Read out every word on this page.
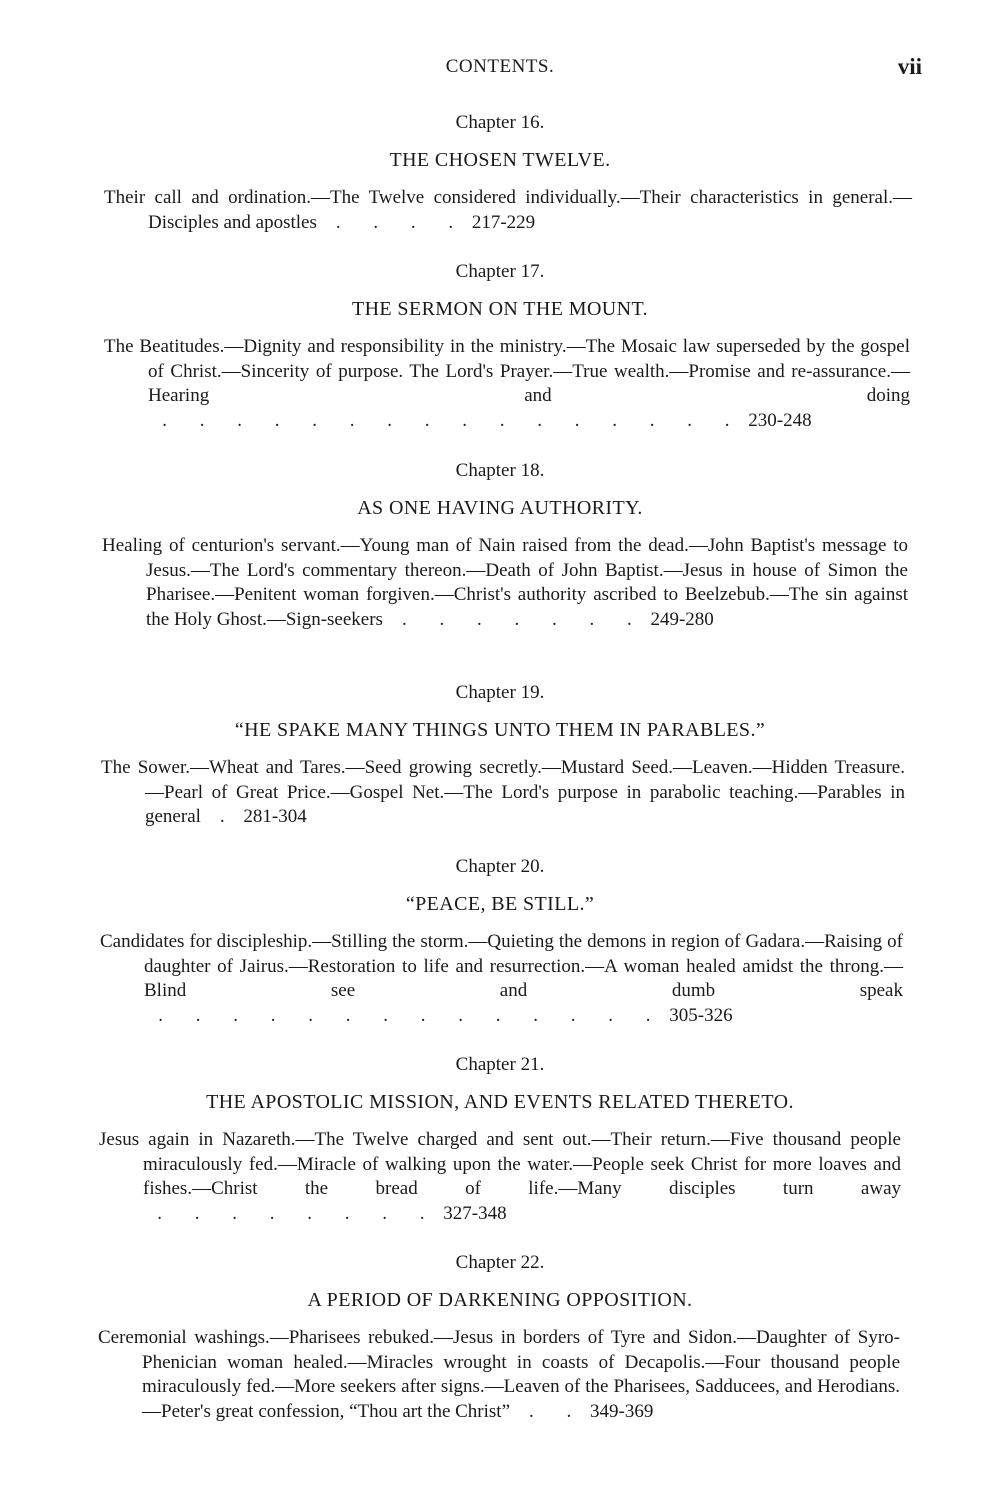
CONTENTS.	vii
Chapter 16.
THE CHOSEN TWELVE.

Their call and ordination.—The Twelve considered individually.—Their characteristics in general.—Disciples and apostles . . . . 217-229

Chapter 17.
THE SERMON ON THE MOUNT.

The Beatitudes.—Dignity and responsibility in the ministry.—The Mosaic law superseded by the gospel of Christ.—Sincerity of purpose. The Lord's Prayer.—True wealth.—Promise and re-assurance.—Hearing and doing    . . . . . . . . . . . . . . . . 230-248

Chapter 18.
AS ONE HAVING AUTHORITY.

Healing of centurion's servant.—Young man of Nain raised from the dead.—John Baptist's message to Jesus.—The Lord's commentary thereon.—Death of John Baptist.—Jesus in house of Simon the Pharisee.—Penitent woman forgiven.—Christ's authority ascribed to Beelzebub.—The sin against the Holy Ghost.—Sign-seekers . . . . . . . 249-280

Chapter 19.
“HE SPAKE MANY THINGS UNTO THEM IN PARABLES.”

The Sower.—Wheat and Tares.—Seed growing secretly.—Mustard Seed.—Leaven.—Hidden Treasure.—Pearl of Great Price.—Gospel Net.—The Lord's purpose in parabolic teaching.—Parables in general . 281-304

Chapter 20.
“PEACE, BE STILL.”

Candidates for discipleship.—Stilling the storm.—Quieting the demons in region of Gadara.—Raising of daughter of Jairus.—Restoration to life and resurrection.—A woman healed amidst the throng.—Blind see and dumb speak    . . . . . . . . . . . . . . 305-326

Chapter 21.
THE APOSTOLIC MISSION, AND EVENTS RELATED THERETO.

Jesus again in Nazareth.—The Twelve charged and sent out.—Their return.—Five thousand people miraculously fed.—Miracle of walking upon the water.—People seek Christ for more loaves and fishes.—Christ the bread of life.—Many disciples turn away    . . . . . . . . 327-348

Chapter 22.
A PERIOD OF DARKENING OPPOSITION.

Ceremonial washings.—Pharisees rebuked.—Jesus in borders of Tyre and Sidon.—Daughter of Syro-Phenician woman healed.—Miracles wrought in coasts of Decapolis.—Four thousand people miraculously fed.—More seekers after signs.—Leaven of the Pharisees, Sadducees, and Herodians.—Peter's great confession, “Thou art the Christ” . . 349-369
